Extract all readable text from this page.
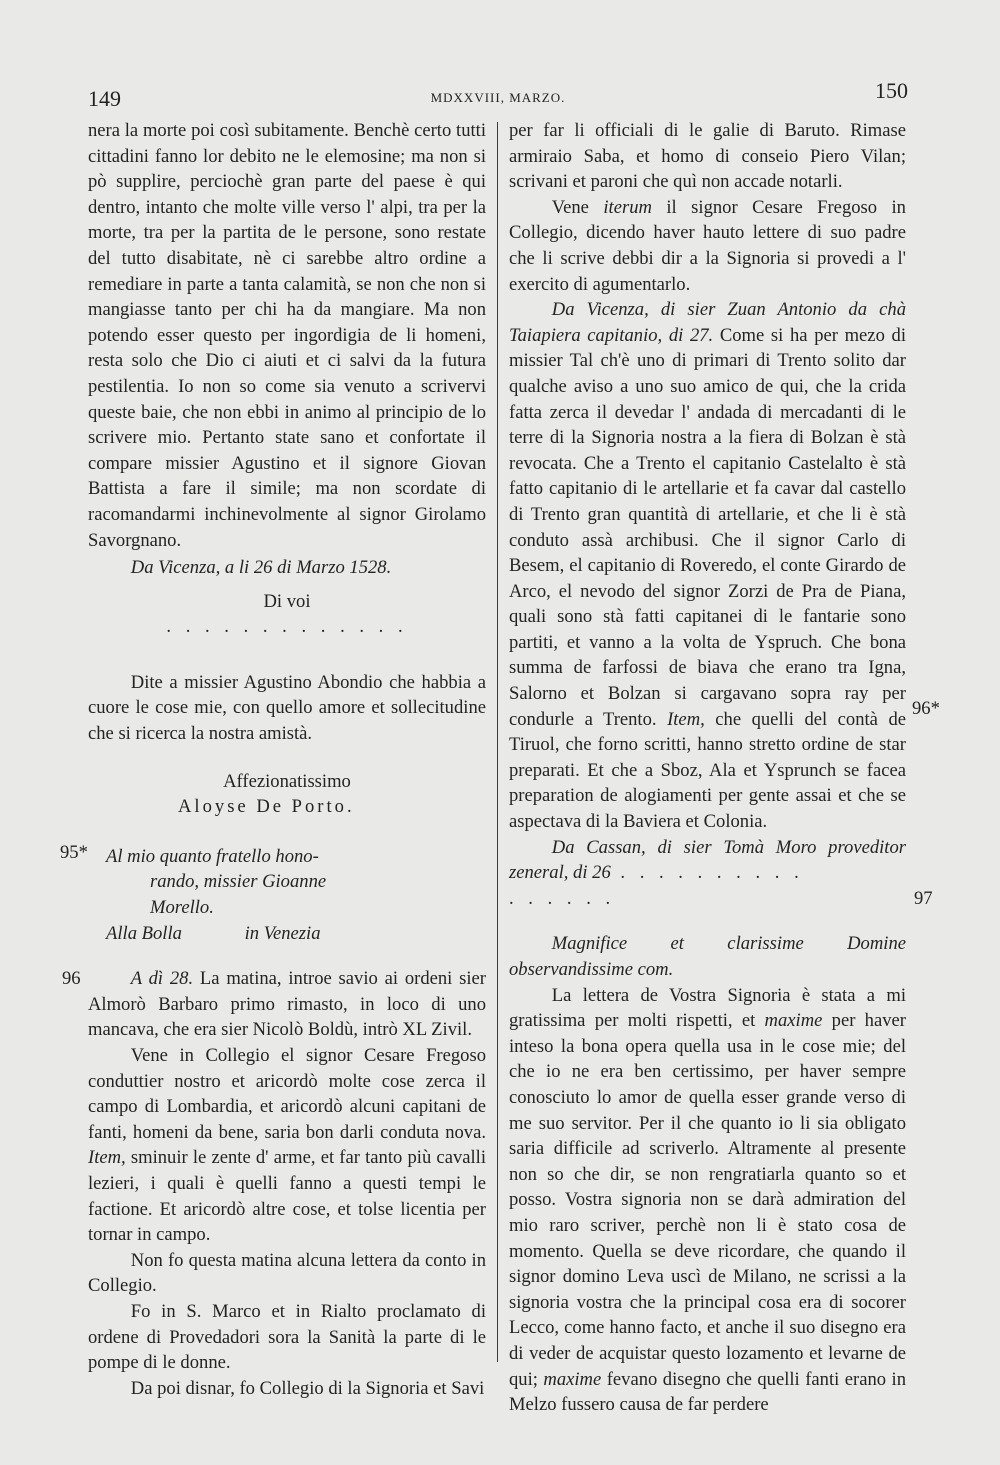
149	MDXXVIII, MARZO.	150

nera la morte poi così subitamente. Benchè certo tutti cittadini fanno lor debito ne le elemosine; ma non si pò supplire, perciochè gran parte del paese è qui dentro, intanto che molte ville verso l' alpi, tra per la morte, tra per la partita de le persone, sono restate del tutto disabitate, nè ci sarebbe altro ordine a remediare in parte a tanta calamità, se non che non si mangiasse tanto per chi ha da mangiare. Ma non potendo esser questo per ingordigia de li homeni, resta solo che Dio ci aiuti et ci salvi da la futura pestilentia. Io non so come sia venuto a scrivervi queste baie, che non ebbi in animo al principio de lo scrivere mio. Pertanto state sano et confortate il compare missier Agustino et il signore Giovan Battista a fare il simile; ma non scordate di racomandarmi inchinevolmente al signor Girolamo Savorgnano.

Da Vicenza, a li 26 di Marzo 1528.

Di voi

. . . . . . . . . . . . .

Dite a missier Agustino Abondio che habbia a cuore le cose mie, con quello amore et sollecitudine che si ricerca la nostra amistà.

Affezionatissimo

Aloyse De Porto.

Al mio quanto fratello hono-

rando, missier Gioanne

Morello.

Alla Bolla	in Venezia

A dì 28. La matina, introe savio ai ordeni sier Almorò Barbaro primo rimasto, in loco di uno mancava, che era sier Nicolò Boldù, intrò XL Zivil.

Vene in Collegio el signor Cesare Fregoso conduttier nostro et aricordò molte cose zerca il campo di Lombardia, et aricordò alcuni capitani de fanti, homeni da bene, saria bon darli conduta nova. Item, sminuir le zente d' arme, et far tanto più cavalli lezieri, i quali è quelli fanno a questi tempi le factione. Et aricordò altre cose, et tolse licentia per tornar in campo.

Non fo questa matina alcuna lettera da conto in Collegio.

Fo in S. Marco et in Rialto proclamato di ordene di Provedadori sora la Sanità la parte di le pompe di le donne.

Da poi disnar, fo Collegio di la Signoria et Savi

per far li officiali di le galie di Baruto. Rimase armiraio Saba, et homo di conseio Piero Vilan; scrivani et paroni che quì non accade notarli.

Vene iterum il signor Cesare Fregoso in Collegio, dicendo haver hauto lettere di suo padre che li scrive debbi dir a la Signoria si provedi a l' exercito di agumentarlo.

Da Vicenza, di sier Zuan Antonio da chà Taiapiera capitanio, di 27. Come si ha per mezo di missier Tal ch'è uno di primari di Trento solito dar qualche aviso a uno suo amico de qui, che la crida fatta zerca il devedar l' andada di mercadanti di le terre di la Signoria nostra a la fiera di Bolzan è stà revocata. Che a Trento el capitanio Castelalto è stà fatto capitanio di le artellarie et fa cavar dal castello di Trento gran quantità di artellarie, et che li è stà conduto assà archibusi. Che il signor Carlo di Besem, el capitanio di Roveredo, el conte Girardo de Arco, el nevodo del signor Zorzi de Pra de Piana, quali sono stà fatti capitanei di le fantarie sono partiti, et vanno a la volta de Yspruch. Che bona summa de farfossi de biava che erano tra Igna, Salorno et Bolzan si cargavano sopra ray per condurle a Trento. Item, che quelli del contà de Tiruol, che forno scritti, hanno stretto ordine de star preparati. Et che a Sboz, Ala et Ysprunch se facea preparation de alogiamenti per gente assai et che se aspectava di la Baviera et Colonia.

Da Cassan, di sier Tomà Moro proveditor zeneral, di 26 . . . . . . . . . .

. . . . . .

Magnifice et clarissime Domine observandissime com.

La lettera de Vostra Signoria è stata a mi gratissima per molti rispetti, et maxime per haver inteso la bona opera quella usa in le cose mie; del che io ne era ben certissimo, per haver sempre conosciuto lo amor de quella esser grande verso di me suo servitor. Per il che quanto io li sia obligato saria difficile ad scriverlo. Altramente al presente non so che dir, se non rengratiarla quanto so et posso. Vostra signoria non se darà admiration del mio raro scriver, perchè non li è stato cosa de momento. Quella se deve ricordare, che quando il signor domino Leva uscì de Milano, ne scrissi a la signoria vostra che la principal cosa era di socorer Lecco, come hanno facto, et anche il suo disegno era di veder de acquistar questo lozamento et levarne de qui; maxime fevano disegno che quelli fanti erano in Melzo fussero causa de far perdere

95*
96
96*
97
